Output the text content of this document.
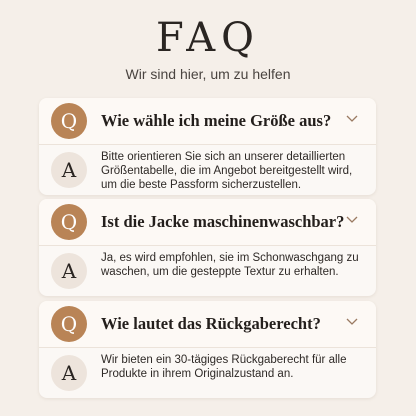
FAQ
Wir sind hier, um zu helfen
Q	Wie wähle ich meine Größe aus?
A
Bitte orientieren Sie sich an unserer detaillierten Größentabelle, die im Angebot bereitgestellt wird, um die beste Passform sicherzustellen.
Q	Ist die Jacke maschinenwaschbar?
A
Ja, es wird empfohlen, sie im Schonwaschgang zu waschen, um die gesteppte Textur zu erhalten.
Q	Wie lautet das Rückgaberecht?
A
Wir bieten ein 30-tägiges Rückgaberecht für alle Produkte in ihrem Originalzustand an.
